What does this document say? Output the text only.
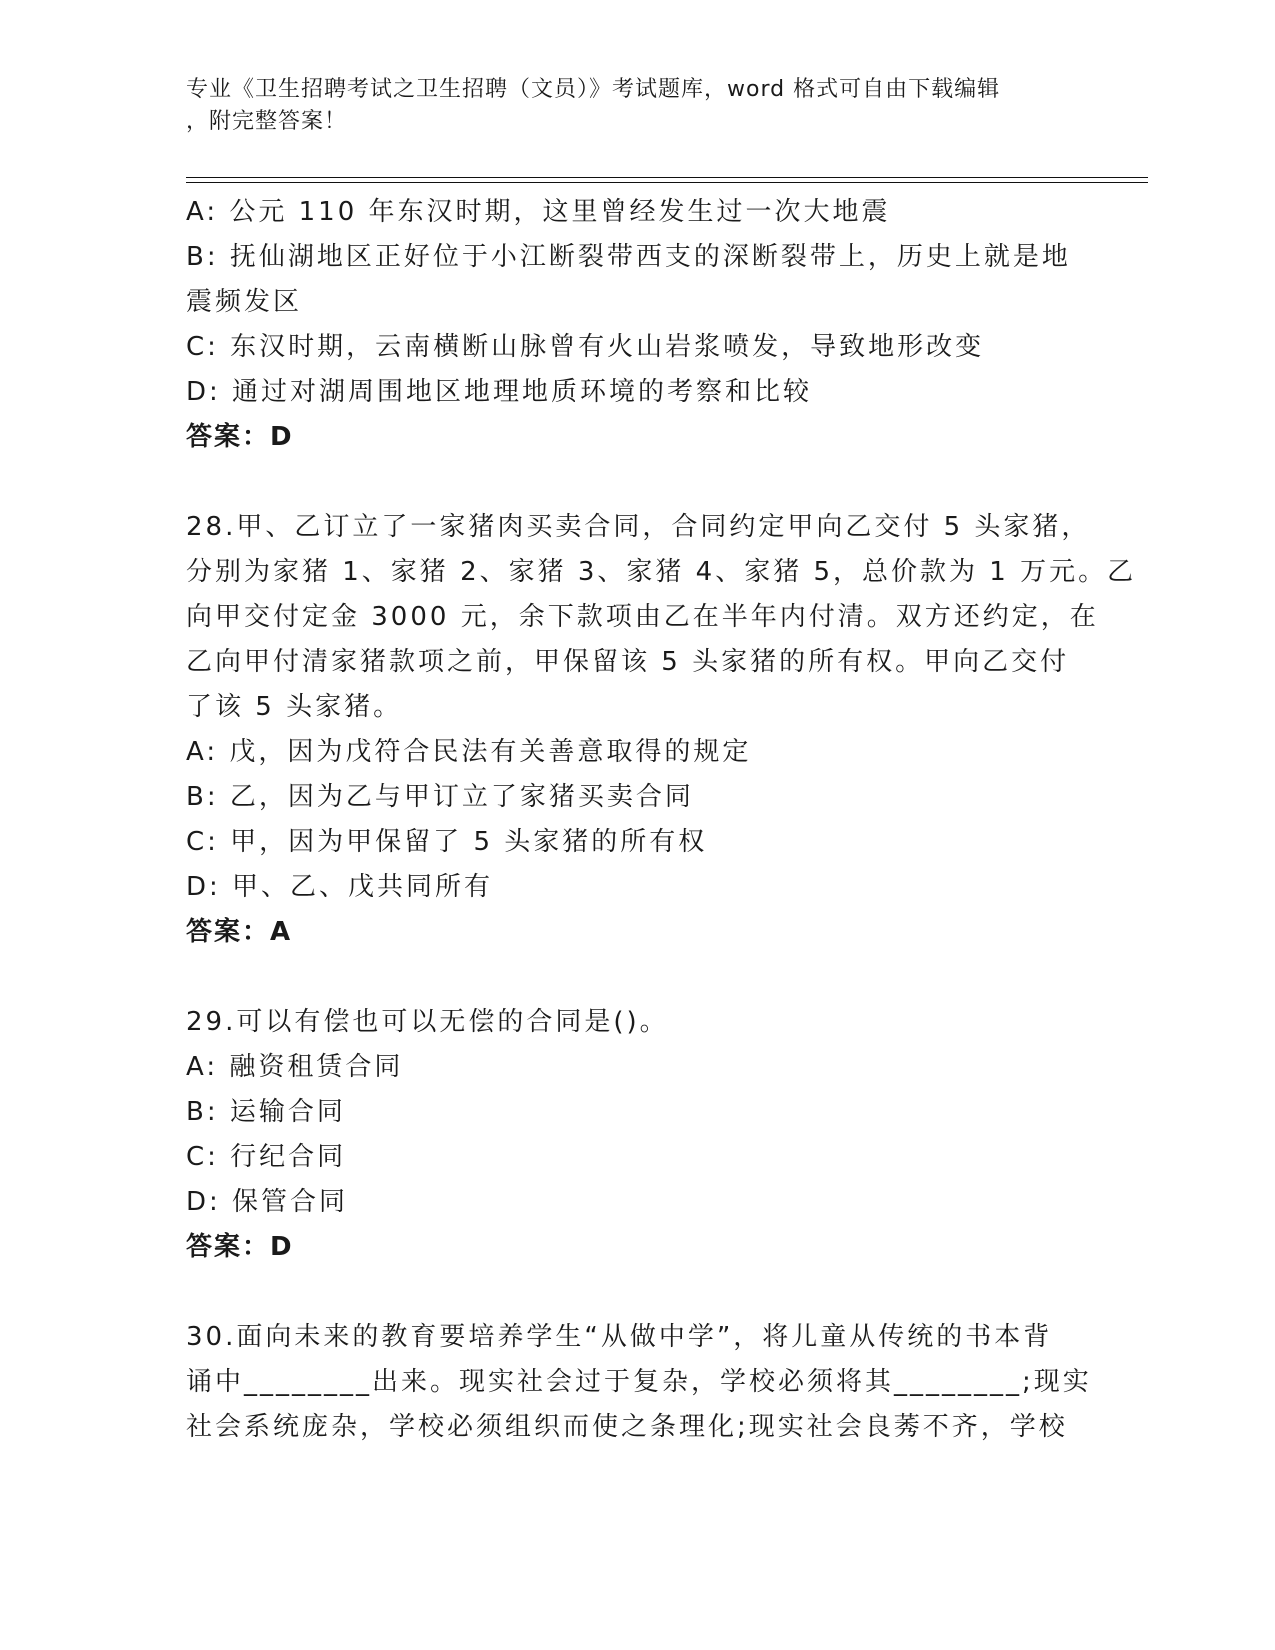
专业《卫生招聘考试之卫生招聘（文员）》考试题库，word 格式可自由下载编辑
，附完整答案！
A: 公元 110 年东汉时期，这里曾经发生过一次大地震
B: 抚仙湖地区正好位于小江断裂带西支的深断裂带上，历史上就是地
震频发区
C: 东汉时期，云南横断山脉曾有火山岩浆喷发，导致地形改变
D: 通过对湖周围地区地理地质环境的考察和比较
答案：D
28.甲、乙订立了一家猪肉买卖合同，合同约定甲向乙交付 5 头家猪，
分别为家猪 1、家猪 2、家猪 3、家猪 4、家猪 5，总价款为 1 万元。乙
向甲交付定金 3000 元，余下款项由乙在半年内付清。双方还约定，在
乙向甲付清家猪款项之前，甲保留该 5 头家猪的所有权。甲向乙交付
了该 5 头家猪。
A: 戊，因为戊符合民法有关善意取得的规定
B: 乙，因为乙与甲订立了家猪买卖合同
C: 甲，因为甲保留了 5 头家猪的所有权
D: 甲、乙、戊共同所有
答案：A
29.可以有偿也可以无偿的合同是()。
A: 融资租赁合同
B: 运输合同
C: 行纪合同
D: 保管合同
答案：D
30.面向未来的教育要培养学生“从做中学”，将儿童从传统的书本背
诵中________出来。现实社会过于复杂，学校必须将其________;现实
社会系统庞杂，学校必须组织而使之条理化;现实社会良莠不齐，学校
